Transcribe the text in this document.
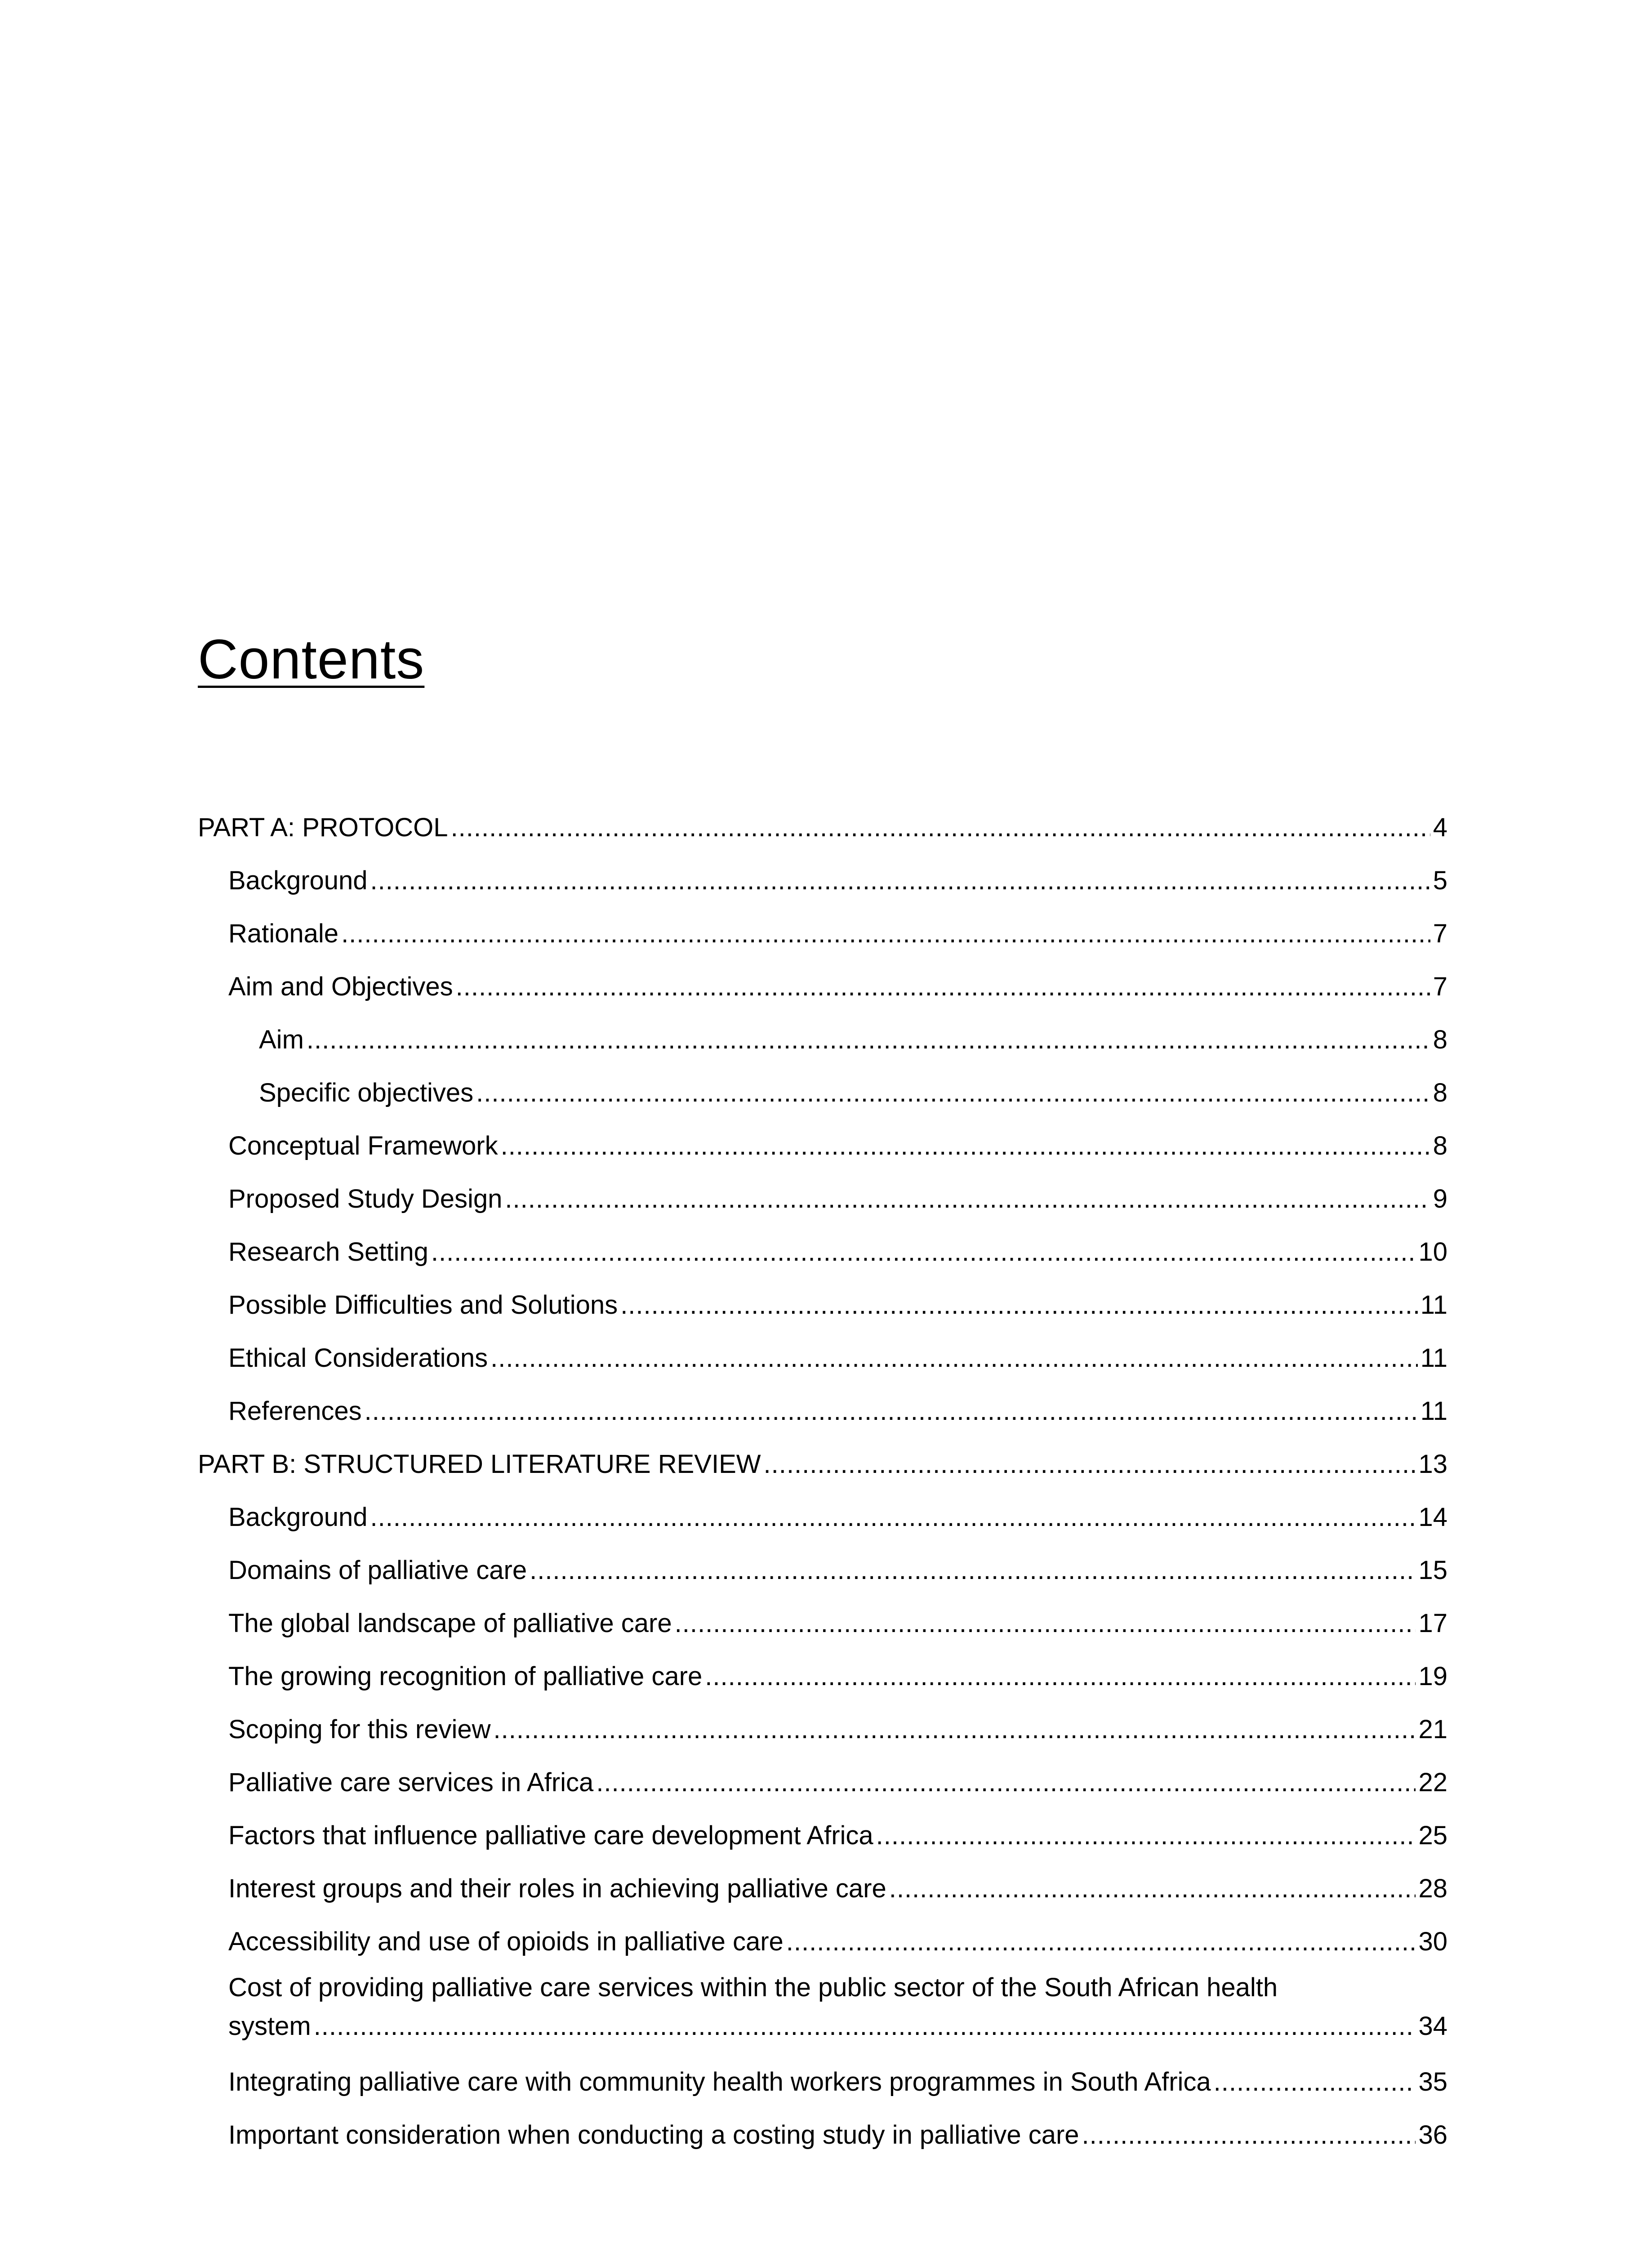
Contents
PART A: PROTOCOL .....	4
Background .....	5
Rationale .....	7
Aim and Objectives .....	7
Aim .....	8
Specific objectives .....	8
Conceptual Framework .....	8
Proposed Study Design .....	9
Research Setting .....	10
Possible Difficulties and Solutions .....	11
Ethical Considerations .....	11
References .....	11
PART B: STRUCTURED LITERATURE REVIEW .....	13
Background .....	14
Domains of palliative care .....	15
The global landscape of palliative care .....	17
The growing recognition of palliative care .....	19
Scoping for this review .....	21
Palliative care services in Africa .....	22
Factors that influence palliative care development Africa .....	25
Interest groups and their roles in achieving palliative care .....	28
Accessibility and use of opioids in palliative care .....	30
Cost of providing palliative care services within the public sector of the South African health
system .....	34
Integrating palliative care with community health workers programmes in South Africa .....	35
Important consideration when conducting a costing study in palliative care .....	36
